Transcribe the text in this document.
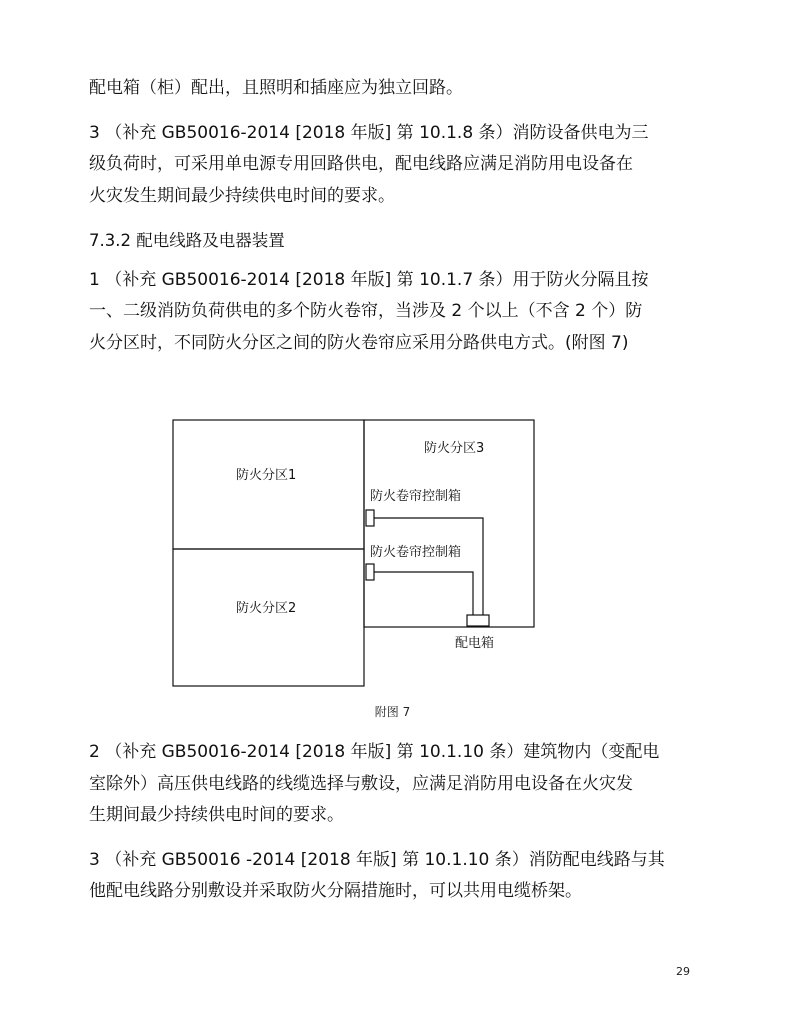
配电箱（柜）配出，且照明和插座应为独立回路。
3 （补充 GB50016-2014 [2018 年版] 第 10.1.8 条）消防设备供电为三
级负荷时，可采用单电源专用回路供电，配电线路应满足消防用电设备在
火灾发生期间最少持续供电时间的要求。
7.3.2 配电线路及电器装置
1 （补充 GB50016-2014 [2018 年版] 第 10.1.7 条）用于防火分隔且按
一、二级消防负荷供电的多个防火卷帘，当涉及 2 个以上（不含 2 个）防
火分区时，不同防火分区之间的防火卷帘应采用分路供电方式。(附图 7)
防火分区1
防火分区2
防火分区3
防火卷帘控制箱
防火卷帘控制箱
配电箱
附图 7
2 （补充 GB50016-2014 [2018 年版] 第 10.1.10 条）建筑物内（变配电
室除外）高压供电线路的线缆选择与敷设，应满足消防用电设备在火灾发
生期间最少持续供电时间的要求。
3 （补充 GB50016 -2014 [2018 年版] 第 10.1.10 条）消防配电线路与其
他配电线路分别敷设并采取防火分隔措施时，可以共用电缆桥架。
29
